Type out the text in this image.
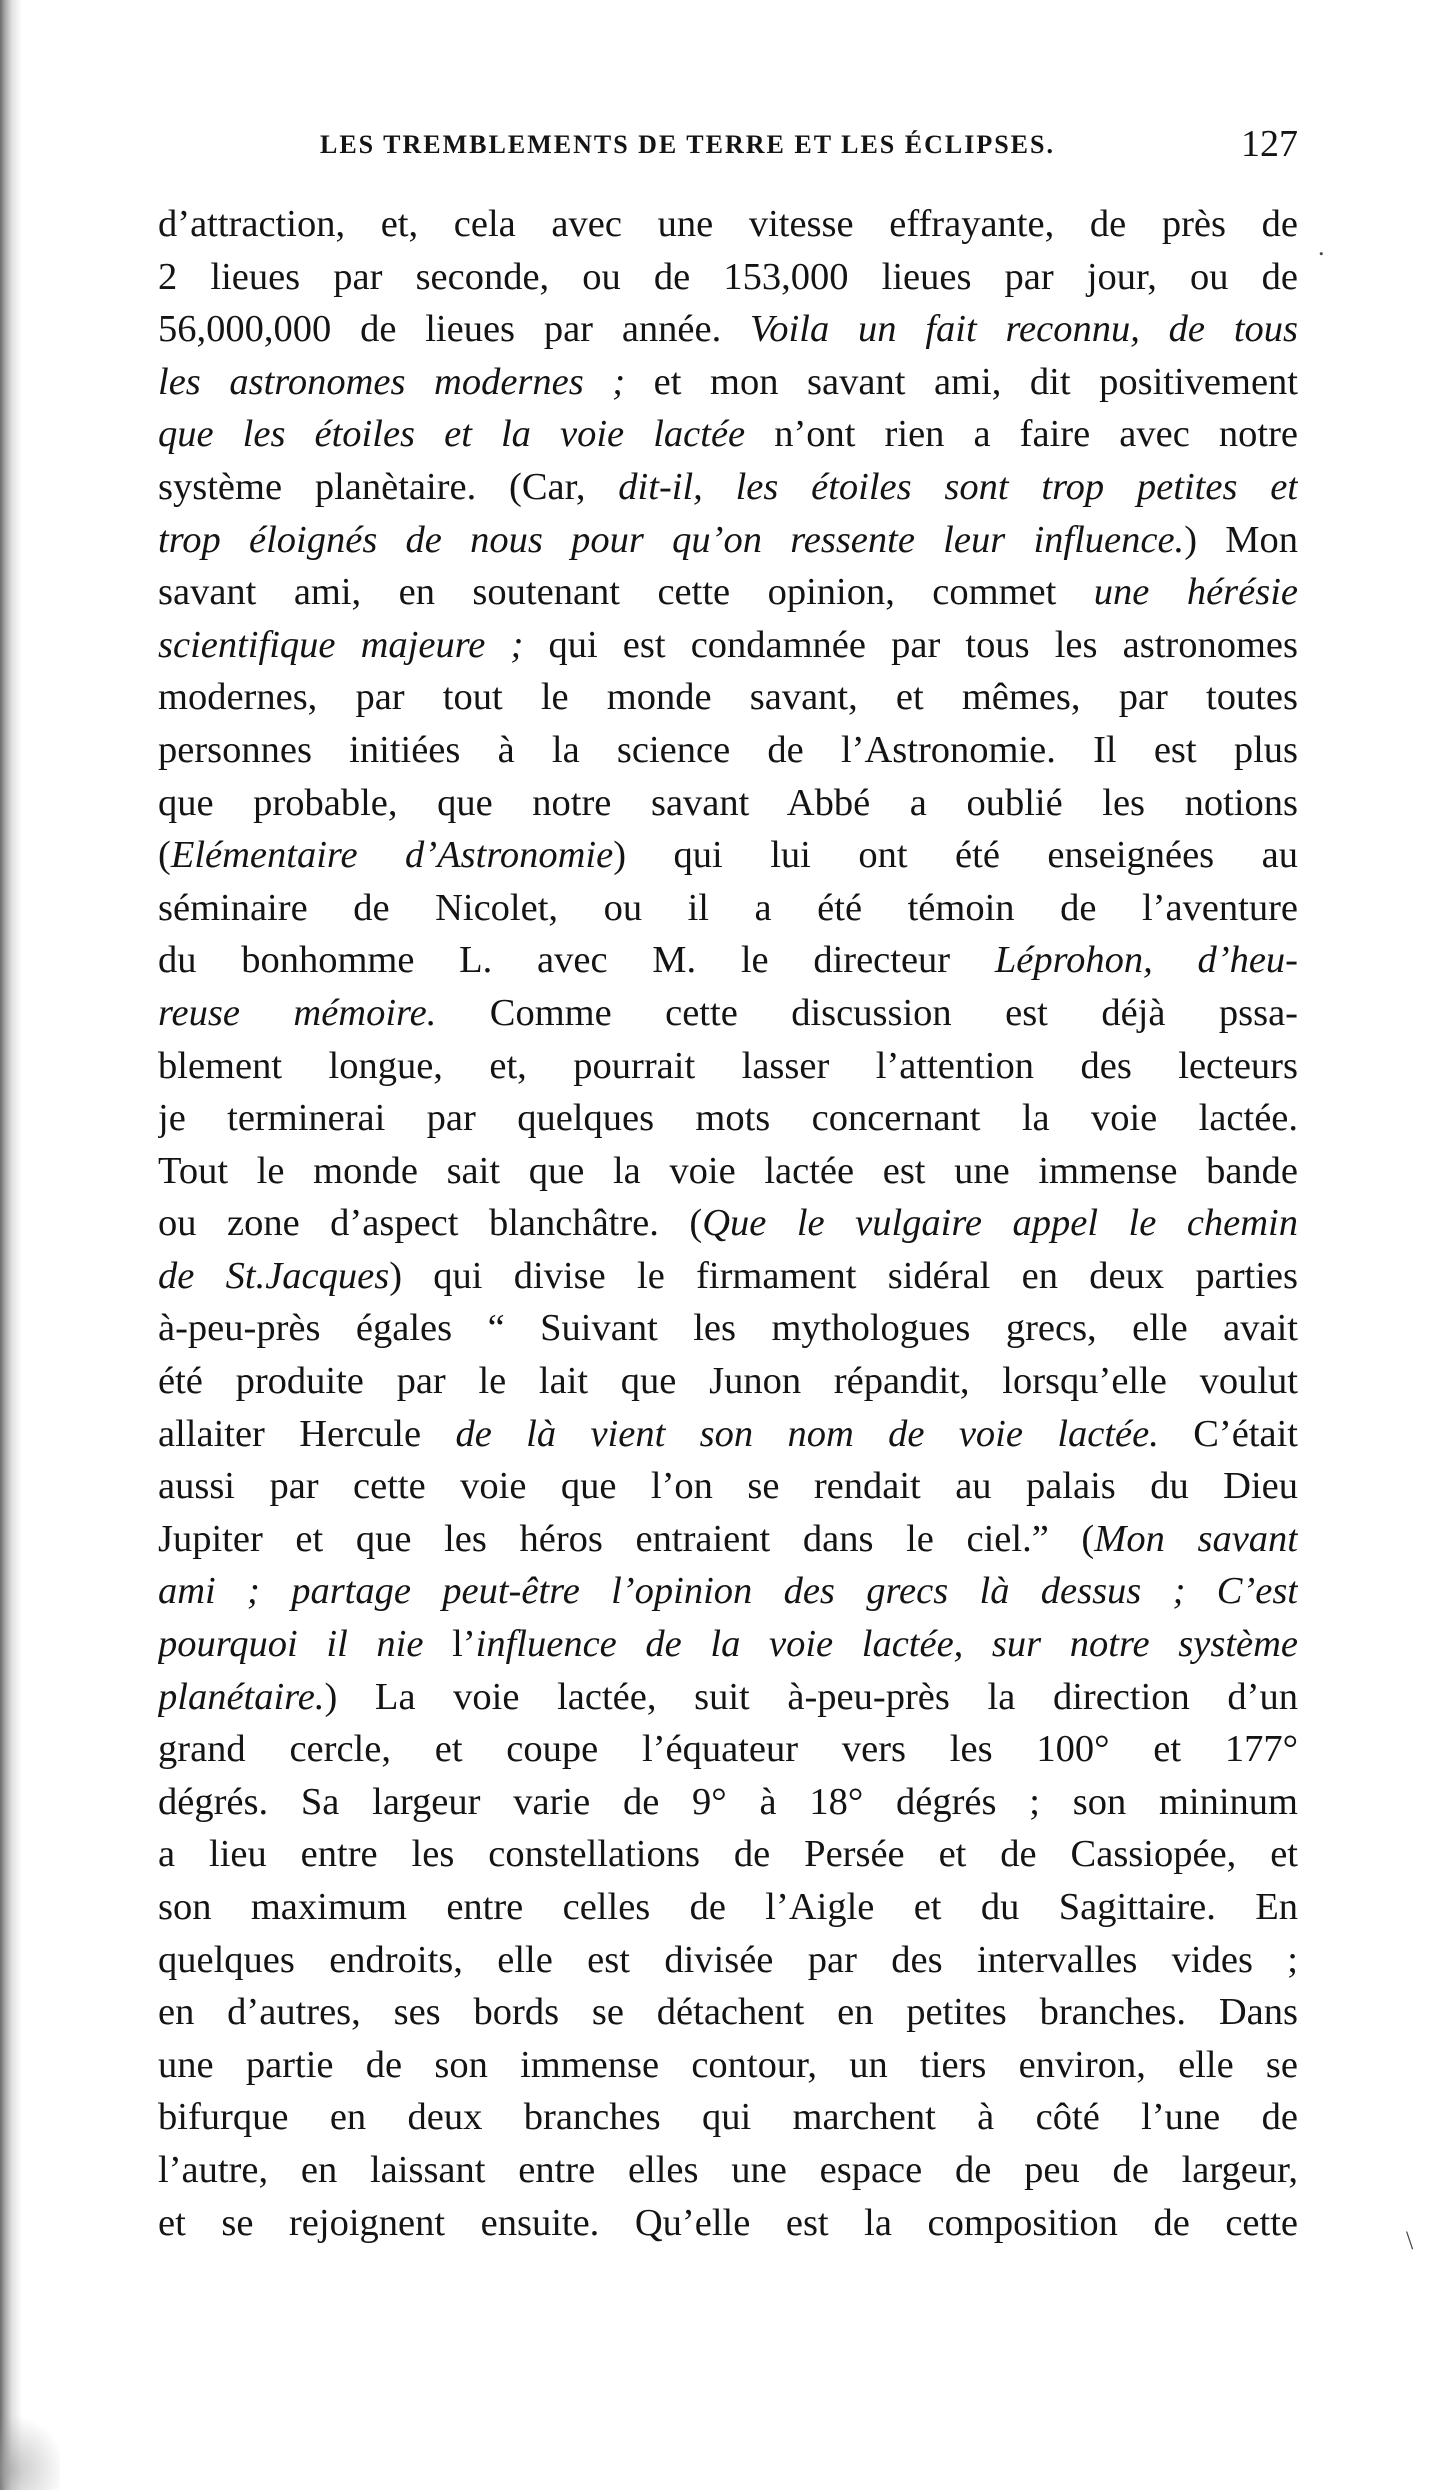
LES TREMBLEMENTS DE TERRE ET LES ÉCLIPSES.	127
d’attraction, et, cela avec une vitesse effrayante, de près de
2 lieues par seconde, ou de 153,000 lieues par jour, ou de
56,000,000 de lieues par année. Voila un fait reconnu, de tous
les astronomes modernes ; et mon savant ami, dit positivement
que les étoiles et la voie lactée n’ont rien a faire avec notre
système planètaire. (Car, dit-il, les étoiles sont trop petites et
trop éloignés de nous pour qu’on ressente leur influence.) Mon
savant ami, en soutenant cette opinion, commet une hérésie
scientifique majeure ; qui est condamnée par tous les astronomes
modernes, par tout le monde savant, et mêmes, par toutes
personnes initiées à la science de l’Astronomie. Il est plus
que probable, que notre savant Abbé a oublié les notions
(Elémentaire d’Astronomie) qui lui ont été enseignées au
séminaire de Nicolet, ou il a été témoin de l’aventure
du bonhomme L. avec M. le directeur Léprohon, d’heu-
reuse mémoire. Comme cette discussion est déjà pssa-
blement longue, et, pourrait lasser l’attention des lecteurs
je terminerai par quelques mots concernant la voie lactée.
Tout le monde sait que la voie lactée est une immense bande
ou zone d’aspect blanchâtre. (Que le vulgaire appel le chemin
de St.Jacques) qui divise le firmament sidéral en deux parties
à-peu-près égales “ Suivant les mythologues grecs, elle avait
été produite par le lait que Junon répandit, lorsqu’elle voulut
allaiter Hercule de là vient son nom de voie lactée. C’était
aussi par cette voie que l’on se rendait au palais du Dieu
Jupiter et que les héros entraient dans le ciel.” (Mon savant
ami ; partage peut-être l’opinion des grecs là dessus ; C’est
pourquoi il nie l’influence de la voie lactée, sur notre système
planétaire.) La voie lactée, suit à-peu-près la direction d’un
grand cercle, et coupe l’équateur vers les 100° et 177°
dégrés. Sa largeur varie de 9° à 18° dégrés ; son mininum
a lieu entre les constellations de Persée et de Cassiopée, et
son maximum entre celles de l’Aigle et du Sagittaire. En
quelques endroits, elle est divisée par des intervalles vides ;
en d’autres, ses bords se détachent en petites branches. Dans
une partie de son immense contour, un tiers environ, elle se
bifurque en deux branches qui marchent à côté l’une de
l’autre, en laissant entre elles une espace de peu de largeur,
et se rejoignent ensuite. Qu’elle est la composition de cette
.
\
